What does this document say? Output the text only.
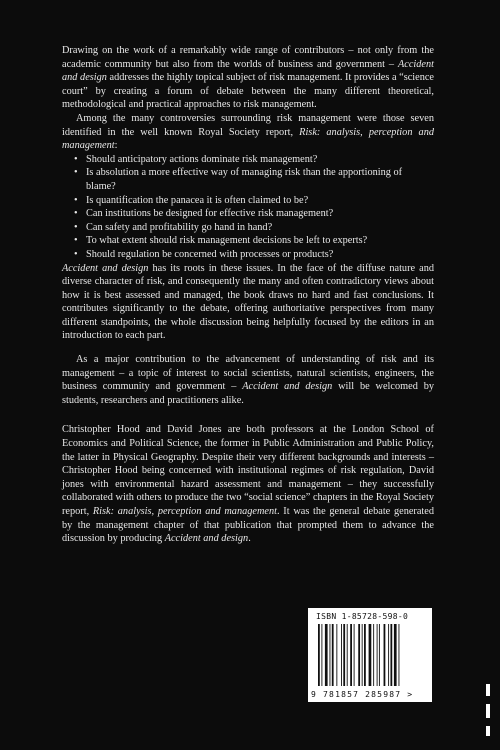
Drawing on the work of a remarkably wide range of contributors – not only from the academic community but also from the worlds of business and government – Accident and design addresses the highly topical subject of risk management. It provides a “science court” by creating a forum of debate between the many different theoretical, methodological and practical approaches to risk management.

Among the many controversies surrounding risk management were those seven identified in the well known Royal Society report, Risk: analysis, perception and management:

• Should anticipatory actions dominate risk management?
• Is absolution a more effective way of managing risk than the apportioning of blame?
• Is quantification the panacea it is often claimed to be?
• Can institutions be designed for effective risk management?
• Can safety and profitability go hand in hand?
• To what extent should risk management decisions be left to experts?
• Should regulation be concerned with processes or products?

Accident and design has its roots in these issues. In the face of the diffuse nature and diverse character of risk, and consequently the many and often contradictory views about how it is best assessed and managed, the book draws no hard and fast conclusions. It contributes significantly to the debate, offering authoritative perspectives from many different standpoints, the whole discussion being helpfully focused by the editors in an introduction to each part.

As a major contribution to the advancement of understanding of risk and its management – a topic of interest to social scientists, natural scientists, engineers, the business community and government – Accident and design will be welcomed by students, researchers and practitioners alike.

Christopher Hood and David Jones are both professors at the London School of Economics and Political Science, the former in Public Administration and Public Policy, the latter in Physical Geography. Despite their very different backgrounds and interests – Christopher Hood being concerned with institutional regimes of risk regulation, David jones with environmental hazard assessment and management – they successfully collaborated with others to produce the two “social science” chapters in the Royal Society report, Risk: analysis, perception and management. It was the general debate generated by the management chapter of that publication that prompted them to advance the discussion by producing Accident and design.

ISBN 1-85728-598-0
9 781857 285987 >
